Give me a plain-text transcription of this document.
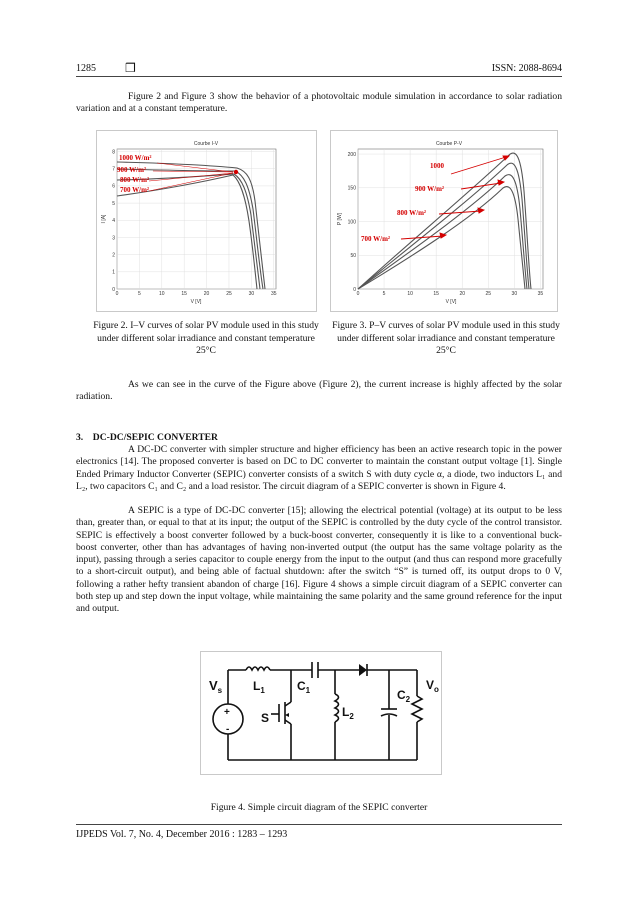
1285 ❒	ISSN: 2088-8694
Figure 2 and Figure 3 show the behavior of a photovoltaic module simulation in accordance to solar radiation variation and at a constant temperature.
Courbe I-V
0	5	10	15	20	25	30	35
0
1
2
3
4
5
6
7
8
V [V]
I [A]
1000 W/m²
900 W/m²
800 W/m²
700 W/m²
Figure 2. I–V curves of solar PV module used in this study under different solar irradiance and constant temperature 25°C
Courbe P-V
0	5	10	15	20	25	30	35
0
50
100
150
200
V [V]
P [W]
1000
900 W/m²
800 W/m²
700 W/m²
Figure 3. P–V curves of solar PV module used in this study under different solar irradiance and constant temperature 25°C
As we can see in the curve of the Figure above (Figure 2), the current increase is highly affected by the solar radiation.
3.    DC-DC/SEPIC CONVERTER
A DC-DC converter with simpler structure and higher efficiency has been an active research topic in the power electronics [14]. The proposed converter is based on DC to DC converter to maintain the constant output voltage [1]. Single Ended Primary Inductor Converter (SEPIC) converter consists of a switch S with duty cycle α, a diode, two inductors L₁ and L₂, two capacitors C₁ and C₂ and a load resistor. The circuit diagram of a SEPIC converter is shown in Figure 4.
A SEPIC is a type of DC-DC converter [15]; allowing the electrical potential (voltage) at its output to be less than, greater than, or equal to that at its input; the output of the SEPIC is controlled by the duty cycle of the control transistor. SEPIC is effectively a boost converter followed by a buck-boost converter, consequently it is like to a conventional buck-boost converter, other than has advantages of having non-inverted output (the output has the same voltage polarity as the input), passing through a series capacitor to couple energy from the input to the output (and thus can respond more gracefully to a short-circuit output), and being able of factual shutdown: after the switch “S” is turned off, its output drops to 0 V, following a rather hefty transient abandon of charge [16]. Figure 4 shows a simple circuit diagram of a SEPIC converter can both step up and step down the input voltage, while maintaining the same polarity and the same ground reference for the input and output.
$V_s$
+
-
$L_1$	$C_1$
S	$L_2$
$C_2$
$V_o$
Figure 4. Simple circuit diagram of the SEPIC converter
IJPEDS Vol. 7, No. 4, December 2016 : 1283 – 1293
